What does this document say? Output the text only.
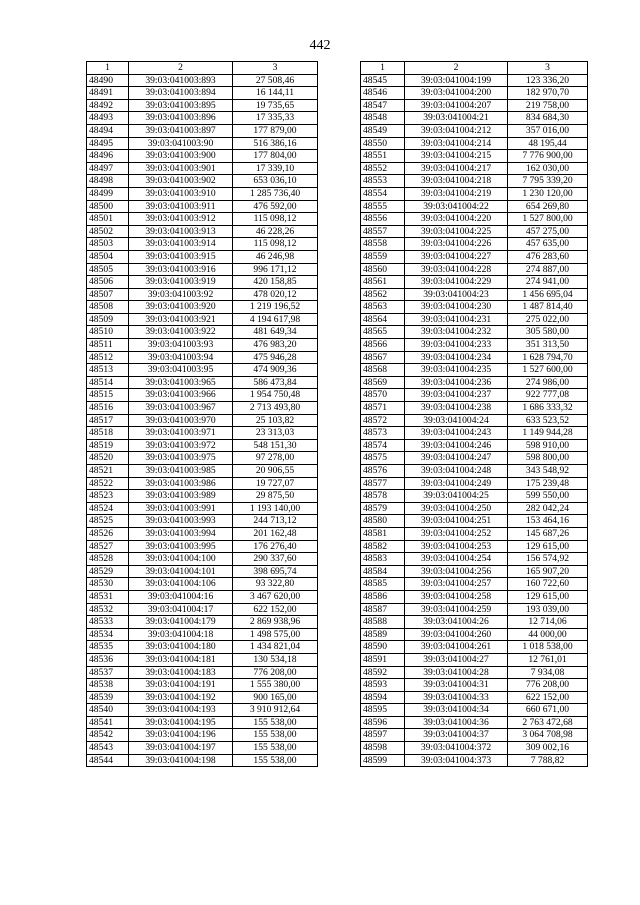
442
1	2	3
48490	39:03:041003:893	27 508,46
48491	39:03:041003:894	16 144,11
48492	39:03:041003:895	19 735,65
48493	39:03:041003:896	17 335,33
48494	39:03:041003:897	177 879,00
48495	39:03:041003:90	516 386,16
48496	39:03:041003:900	177 804,00
48497	39:03:041003:901	17 339,10
48498	39:03:041003:902	653 036,10
48499	39:03:041003:910	1 285 736,40
48500	39:03:041003:911	476 592,00
48501	39:03:041003:912	115 098,12
48502	39:03:041003:913	46 228,26
48503	39:03:041003:914	115 098,12
48504	39:03:041003:915	46 246,98
48505	39:03:041003:916	996 171,12
48506	39:03:041003:919	420 158,85
48507	39:03:041003:92	478 020,12
48508	39:03:041003:920	1 219 196,52
48509	39:03:041003:921	4 194 617,98
48510	39:03:041003:922	481 649,34
48511	39:03:041003:93	476 983,20
48512	39:03:041003:94	475 946,28
48513	39:03:041003:95	474 909,36
48514	39:03:041003:965	586 473,84
48515	39:03:041003:966	1 954 750,48
48516	39:03:041003:967	2 713 493,80
48517	39:03:041003:970	25 103,82
48518	39:03:041003:971	23 313,03
48519	39:03:041003:972	548 151,30
48520	39:03:041003:975	97 278,00
48521	39:03:041003:985	20 906,55
48522	39:03:041003:986	19 727,07
48523	39:03:041003:989	29 875,50
48524	39:03:041003:991	1 193 140,00
48525	39:03:041003:993	244 713,12
48526	39:03:041003:994	201 162,48
48527	39:03:041003:995	176 276,40
48528	39:03:041004:100	290 337,60
48529	39:03:041004:101	398 695,74
48530	39:03:041004:106	93 322,80
48531	39:03:041004:16	3 467 620,00
48532	39:03:041004:17	622 152,00
48533	39:03:041004:179	2 869 938,96
48534	39:03:041004:18	1 498 575,00
48535	39:03:041004:180	1 434 821,04
48536	39:03:041004:181	130 534,18
48537	39:03:041004:183	776 208,00
48538	39:03:041004:191	1 555 380,00
48539	39:03:041004:192	900 165,00
48540	39:03:041004:193	3 910 912,64
48541	39:03:041004:195	155 538,00
48542	39:03:041004:196	155 538,00
48543	39:03:041004:197	155 538,00
48544	39:03:041004:198	155 538,00
1	2	3
48545	39:03:041004:199	123 336,20
48546	39:03:041004:200	182 970,70
48547	39:03:041004:207	219 758,00
48548	39:03:041004:21	834 684,30
48549	39:03:041004:212	357 016,00
48550	39:03:041004:214	48 195,44
48551	39:03:041004:215	7 776 900,00
48552	39:03:041004:217	162 030,00
48553	39:03:041004:218	7 795 339,20
48554	39:03:041004:219	1 230 120,00
48555	39:03:041004:22	654 269,80
48556	39:03:041004:220	1 527 800,00
48557	39:03:041004:225	457 275,00
48558	39:03:041004:226	457 635,00
48559	39:03:041004:227	476 283,60
48560	39:03:041004:228	274 887,00
48561	39:03:041004:229	274 941,00
48562	39:03:041004:23	1 456 695,04
48563	39:03:041004:230	1 487 814,40
48564	39:03:041004:231	275 022,00
48565	39:03:041004:232	305 580,00
48566	39:03:041004:233	351 313,50
48567	39:03:041004:234	1 628 794,70
48568	39:03:041004:235	1 527 600,00
48569	39:03:041004:236	274 986,00
48570	39:03:041004:237	922 777,08
48571	39:03:041004:238	1 686 333,32
48572	39:03:041004:24	633 523,52
48573	39:03:041004:243	1 149 944,28
48574	39:03:041004:246	598 910,00
48575	39:03:041004:247	598 800,00
48576	39:03:041004:248	343 548,92
48577	39:03:041004:249	175 239,48
48578	39:03:041004:25	599 550,00
48579	39:03:041004:250	282 042,24
48580	39:03:041004:251	153 464,16
48581	39:03:041004:252	145 687,26
48582	39:03:041004:253	129 615,00
48583	39:03:041004:254	156 574,92
48584	39:03:041004:256	165 907,20
48585	39:03:041004:257	160 722,60
48586	39:03:041004:258	129 615,00
48587	39:03:041004:259	193 039,00
48588	39:03:041004:26	12 714,06
48589	39:03:041004:260	44 000,00
48590	39:03:041004:261	1 018 538,00
48591	39:03:041004:27	12 761,01
48592	39:03:041004:28	7 934,08
48593	39:03:041004:31	776 208,00
48594	39:03:041004:33	622 152,00
48595	39:03:041004:34	660 671,00
48596	39:03:041004:36	2 763 472,68
48597	39:03:041004:37	3 064 708,98
48598	39:03:041004:372	309 002,16
48599	39:03:041004:373	7 788,82
